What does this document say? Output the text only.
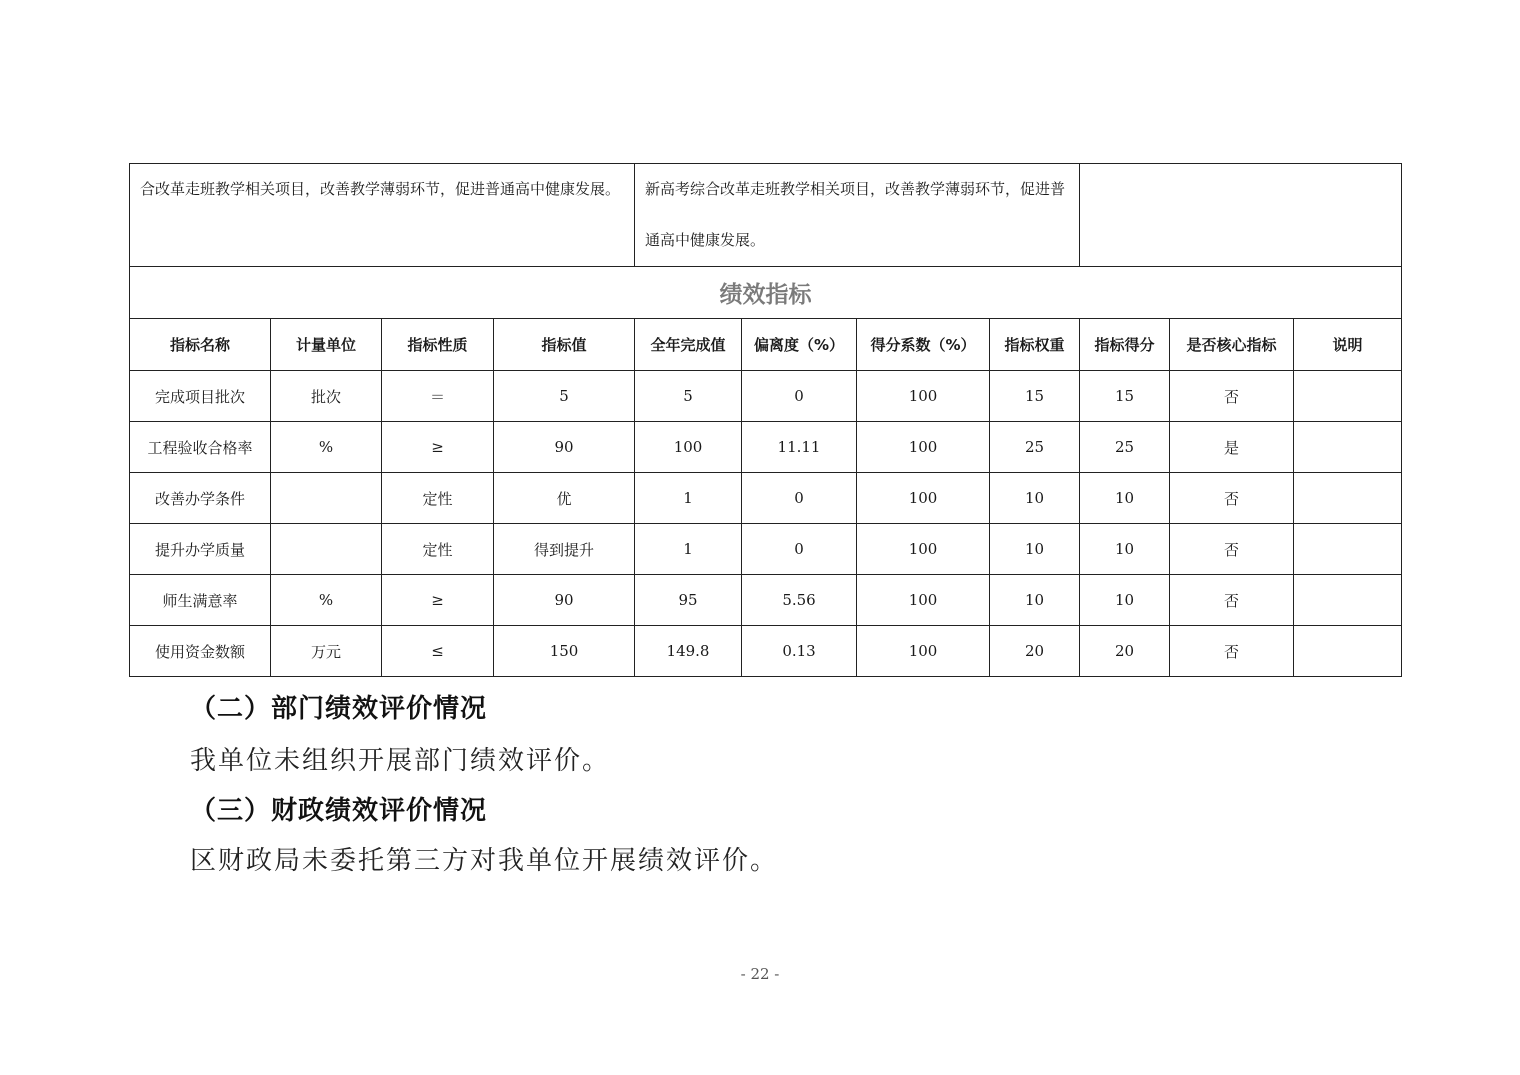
合改革走班教学相关项目，改善教学薄弱环节，促进普通高中健康发展。				新高考综合改革走班教学相关项目，改善教学薄弱环节，促进普通高中健康发展。						
绩效指标										
指标名称	计量单位	指标性质	指标值	全年完成值	偏离度（%）	得分系数（%）	指标权重	指标得分	是否核心指标	说明
完成项目批次	批次	＝	5	5	0	100	15	15	否	
工程验收合格率	%	≥	90	100	11.11	100	25	25	是	
改善办学条件		定性	优	1	0	100	10	10	否	
提升办学质量		定性	得到提升	1	0	100	10	10	否	
师生满意率	%	≥	90	95	5.56	100	10	10	否	
使用资金数额	万元	≤	150	149.8	0.13	100	20	20	否	
（二）部门绩效评价情况
我单位未组织开展部门绩效评价。
（三）财政绩效评价情况
区财政局未委托第三方对我单位开展绩效评价。
- 22 -
